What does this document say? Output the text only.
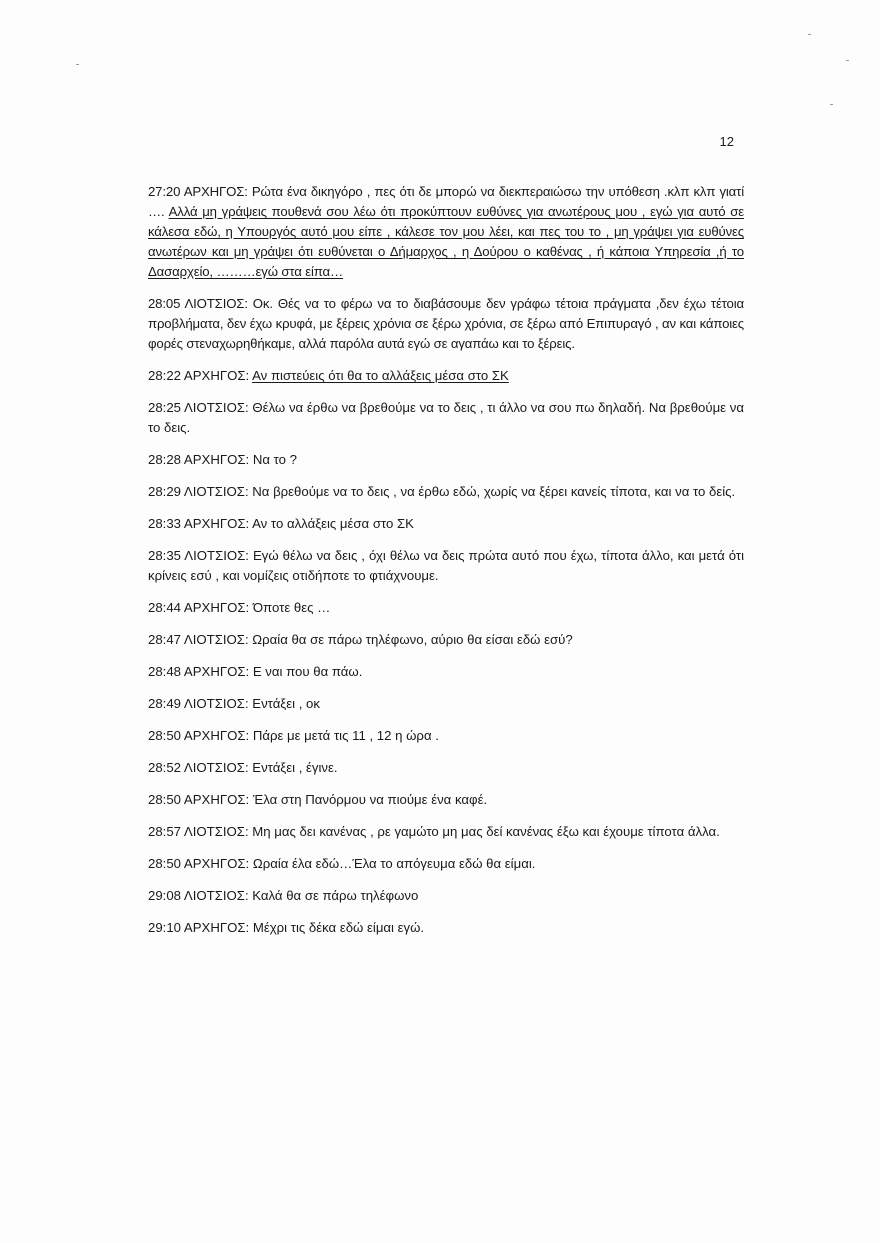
12

27:20 ΑΡΧΗΓΟΣ: Ρώτα ένα δικηγόρο , πες ότι δε μπορώ να διεκπεραιώσω την υπόθεση .κλπ κλπ γιατί …. Αλλά μη γράψεις πουθενά σου λέω ότι προκύπτουν ευθύνες για ανωτέρους μου , εγώ για αυτό σε κάλεσα εδώ, η Υπουργός αυτό μου είπε , κάλεσε τον μου λέει, και πες του το , μη γράψει για ευθύνες ανωτέρων και μη γράψει ότι ευθύνεται ο Δήμαρχος , η Δούρου ο καθένας , ή κάποια Υπηρεσία ,ή το Δασαρχείο, ………εγώ στα είπα…

28:05 ΛΙΟΤΣΙΟΣ: Οκ. Θές να το φέρω να το διαβάσουμε δεν γράφω τέτοια πράγματα ,δεν έχω τέτοια προβλήματα, δεν έχω κρυφά, με ξέρεις χρόνια σε ξέρω χρόνια, σε ξέρω από Επιπυραγό , αν και κάποιες φορές στεναχωρηθήκαμε, αλλά παρόλα αυτά εγώ σε αγαπάω και το ξέρεις.

28:22 ΑΡΧΗΓΟΣ: Αν πιστεύεις ότι θα το αλλάξεις μέσα στο ΣΚ

28:25 ΛΙΟΤΣΙΟΣ: Θέλω να έρθω να βρεθούμε να το δεις , τι άλλο να σου πω δηλαδή. Να βρεθούμε να το δεις.

28:28 ΑΡΧΗΓΟΣ: Να το ?

28:29 ΛΙΟΤΣΙΟΣ: Να βρεθούμε να το δεις , να έρθω εδώ, χωρίς να ξέρει κανείς τίποτα, και να το δείς.

28:33 ΑΡΧΗΓΟΣ: Αν το αλλάξεις μέσα στο ΣΚ

28:35 ΛΙΟΤΣΙΟΣ: Εγώ θέλω να δεις , όχι θέλω να δεις πρώτα αυτό που έχω, τίποτα άλλο, και μετά ότι κρίνεις εσύ , και νομίζεις οτιδήποτε το φτιάχνουμε.

28:44 ΑΡΧΗΓΟΣ: Όποτε θες …

28:47 ΛΙΟΤΣΙΟΣ: Ωραία θα σε πάρω τηλέφωνο, αύριο θα είσαι εδώ εσύ?

28:48 ΑΡΧΗΓΟΣ: Ε ναι που θα πάω.

28:49 ΛΙΟΤΣΙΟΣ: Εντάξει , οκ

28:50 ΑΡΧΗΓΟΣ: Πάρε με μετά τις 11 , 12 η ώρα .

28:52 ΛΙΟΤΣΙΟΣ: Εντάξει , έγινε.

28:50 ΑΡΧΗΓΟΣ: Έλα στη Πανόρμου να πιούμε ένα καφέ.

28:57 ΛΙΟΤΣΙΟΣ: Μη μας δει κανένας , ρε γαμώτο μη μας δεί κανένας έξω και έχουμε τίποτα άλλα.

28:50 ΑΡΧΗΓΟΣ: Ωραία έλα εδώ…Έλα το απόγευμα εδώ θα είμαι.

29:08 ΛΙΟΤΣΙΟΣ: Καλά θα σε πάρω τηλέφωνο

29:10 ΑΡΧΗΓΟΣ: Μέχρι τις δέκα εδώ είμαι εγώ.
